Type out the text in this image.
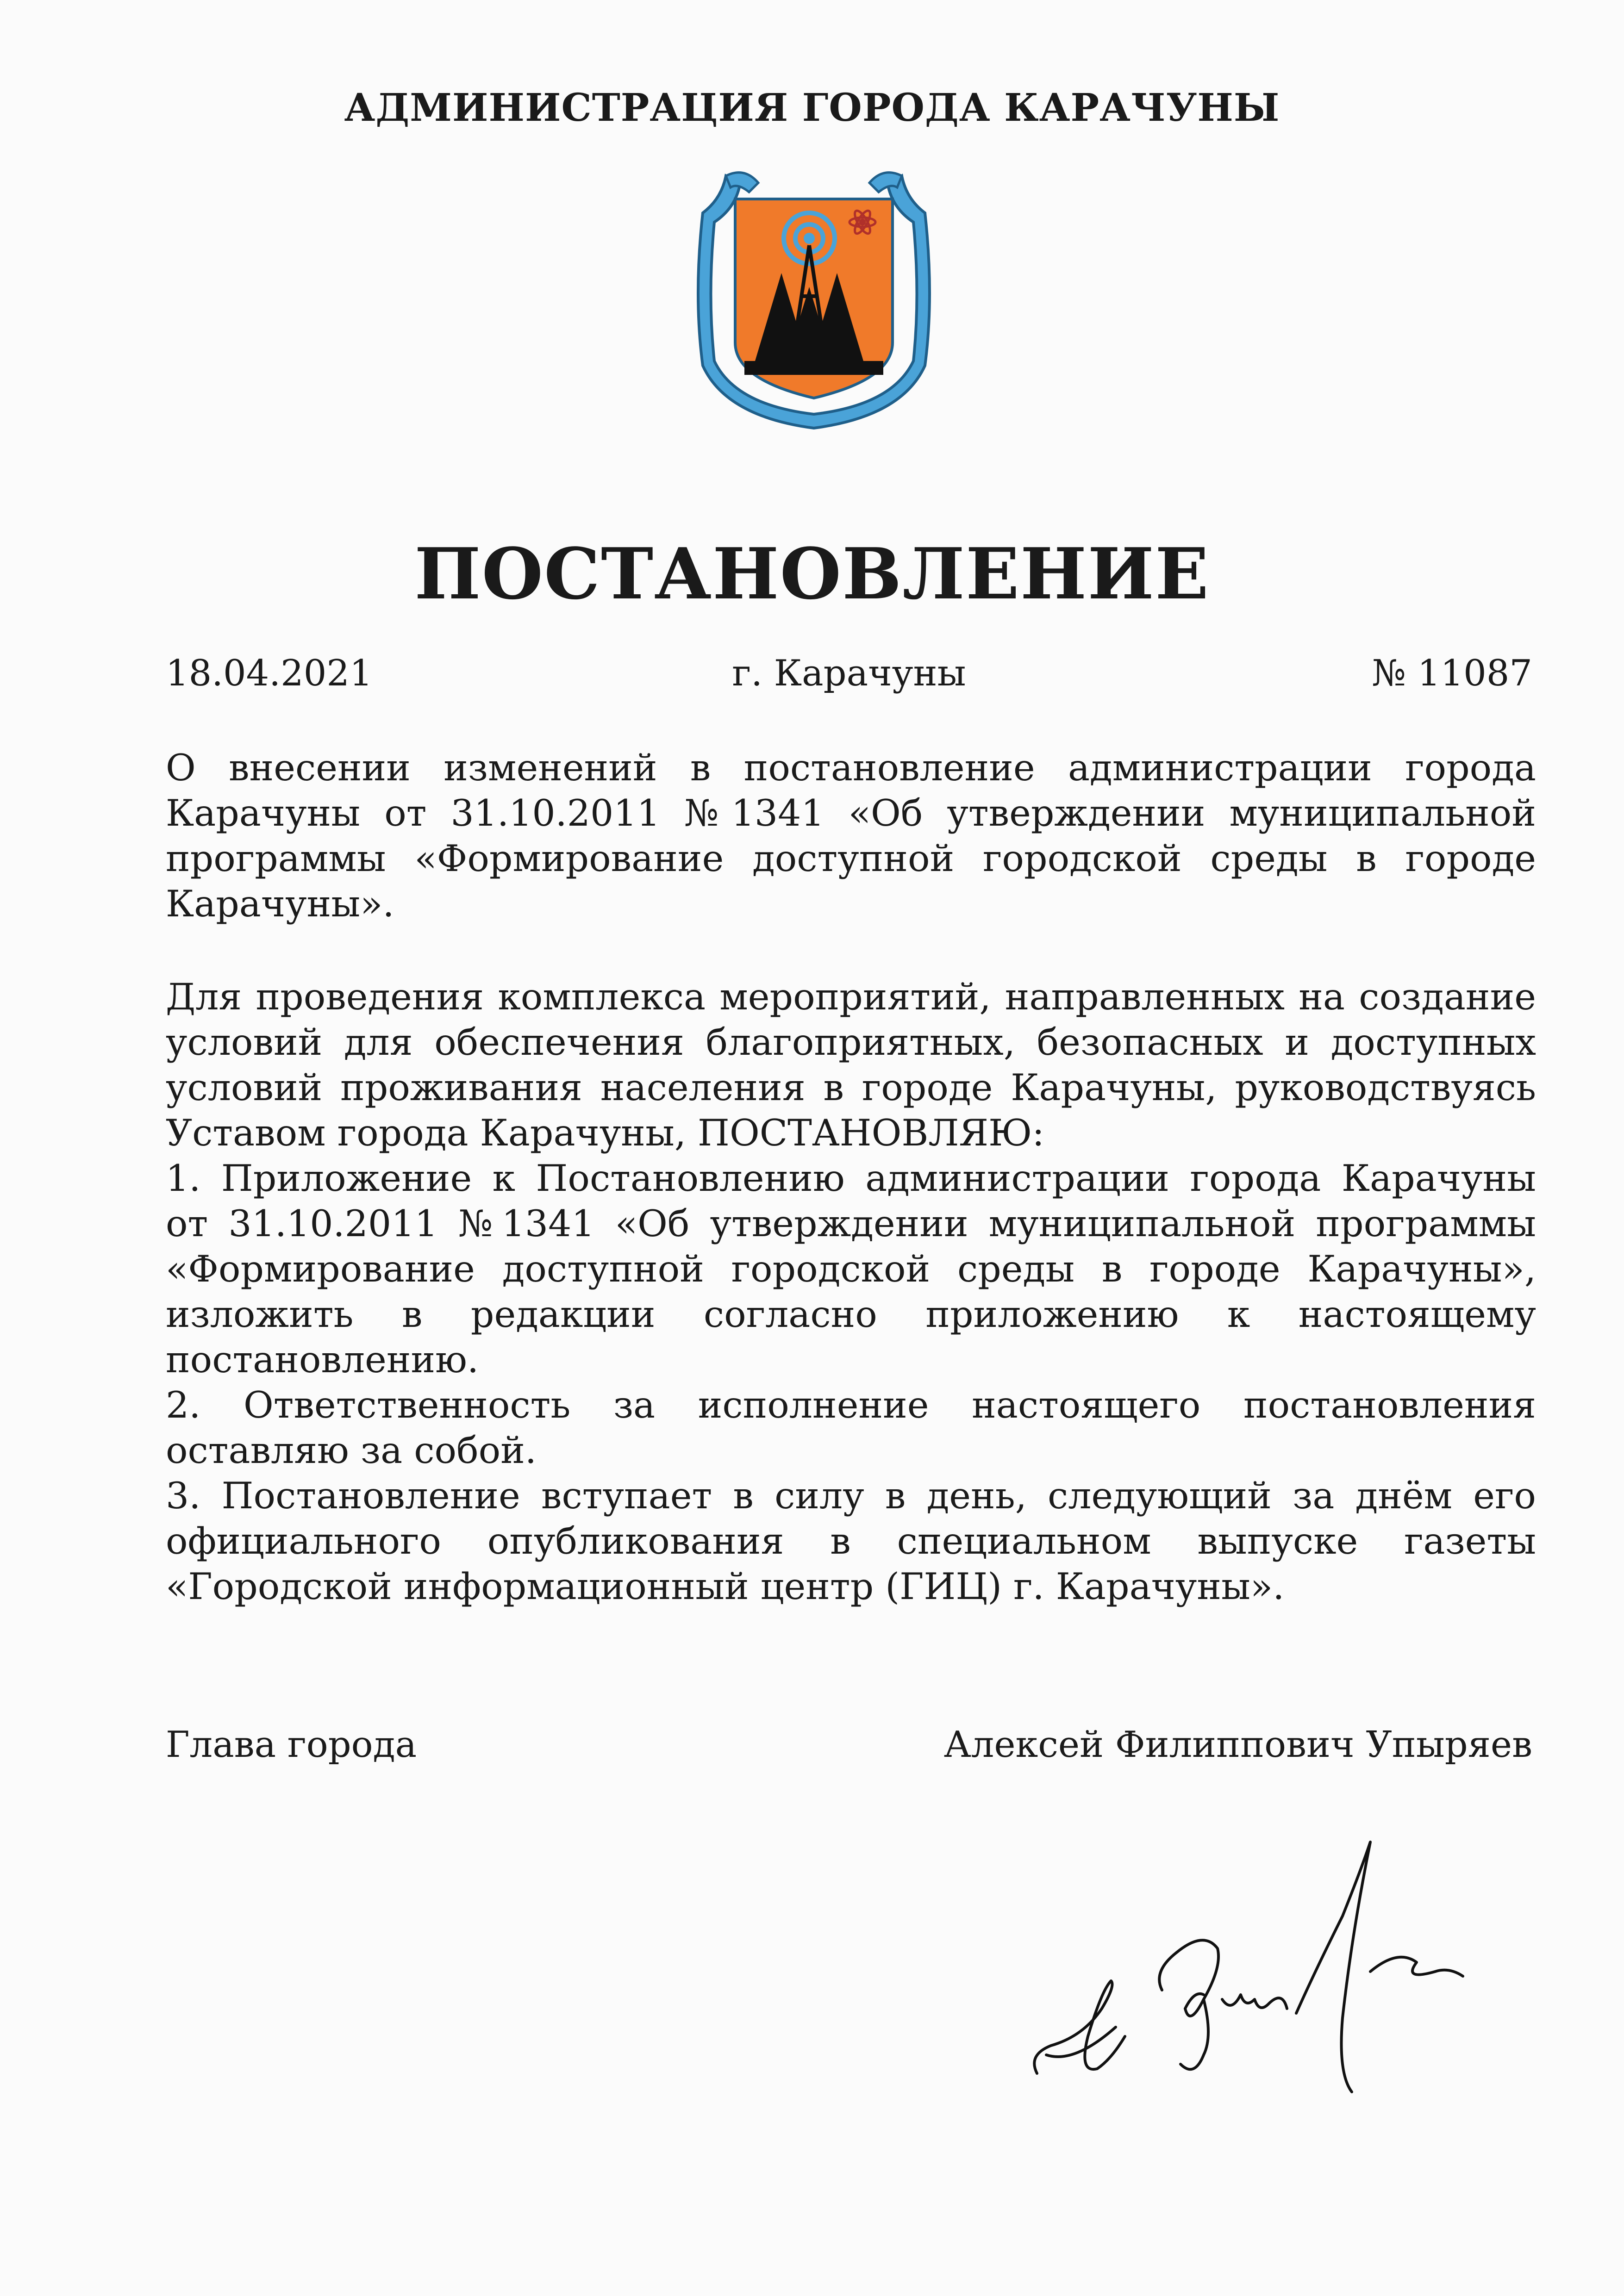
АДМИНИСТРАЦИЯ ГОРОДА КАРАЧУНЫ
ПОСТАНОВЛЕНИЕ
18.04.2021	г. Карачуны	№ 11087
О внесении изменений в постановление администрации города Карачуны от 31.10.2011 №1341 «Об утверждении муниципальной программы «Формирование доступной городской среды в городе Карачуны».

Для проведения комплекса мероприятий, направленных на создание условий для обеспечения благоприятных, безопасных и доступных условий проживания населения в городе Карачуны, руководствуясь Уставом города Карачуны, ПОСТАНОВЛЯЮ:

1. Приложение к Постановлению администрации города Карачуны от 31.10.2011 №1341 «Об утверждении муниципальной программы «Формирование доступной городской среды в городе Карачуны», изложить в редакции согласно приложению к настоящему постановлению.

2. Ответственность за исполнение настоящего постановления оставляю за собой.

3. Постановление вступает в силу в день, следующий за днём его официального опубликования в специальном выпуске газеты «Городской информационный центр (ГИЦ) г. Карачуны».

Глава города	Алексей Филиппович Упыряев
